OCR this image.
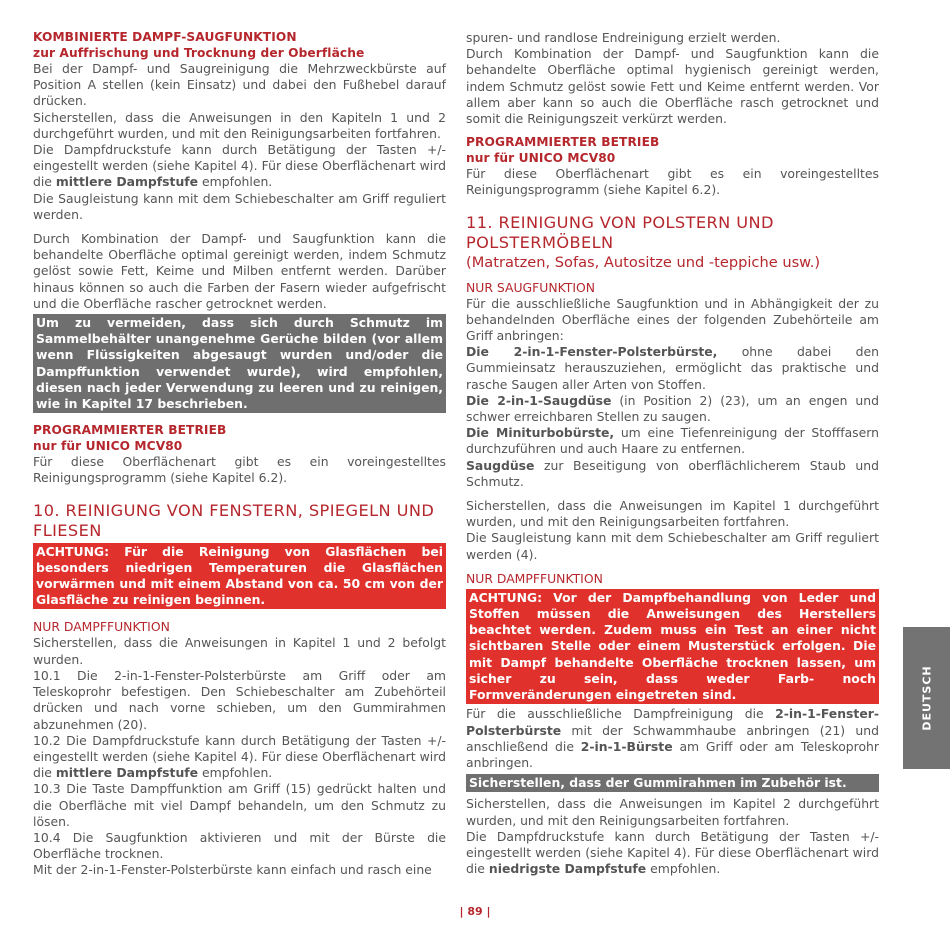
KOMBINIERTE DAMPF-SAUGFUNKTION
zur Auffrischung und Trocknung der Oberfläche

Bei der Dampf- und Saugreinigung die Mehrzweckbürste auf Position A stellen (kein Einsatz) und dabei den Fußhebel darauf drücken.

Sicherstellen, dass die Anweisungen in den Kapiteln 1 und 2 durchgeführt wurden, und mit den Reinigungsarbeiten fortfahren.

Die Dampfdruckstufe kann durch Betätigung der Tasten +/- eingestellt werden (siehe Kapitel 4). Für diese Oberflächenart wird die mittlere Dampfstufe empfohlen.

Die Saugleistung kann mit dem Schiebeschalter am Griff reguliert werden.

Durch Kombination der Dampf- und Saugfunktion kann die behandelte Oberfläche optimal gereinigt werden, indem Schmutz gelöst sowie Fett, Keime und Milben entfernt werden. Darüber hinaus können so auch die Farben der Fasern wieder aufgefrischt und die Oberfläche rascher getrocknet werden.

Um zu vermeiden, dass sich durch Schmutz im Sammelbehälter unangenehme Gerüche bilden (vor allem wenn Flüssigkeiten abgesaugt wurden und/oder die Dampffunktion verwendet wurde), wird empfohlen, diesen nach jeder Verwendung zu leeren und zu reinigen, wie in Kapitel 17 beschrieben.
PROGRAMMIERTER BETRIEB
nur für UNICO MCV80

Für diese Oberflächenart gibt es ein voreingestelltes Reinigungsprogramm (siehe Kapitel 6.2).

10. REINIGUNG VON FENSTERN, SPIEGELN UND FLIESEN
ACHTUNG: Für die Reinigung von Glasflächen bei besonders niedrigen Temperaturen die Glasflächen vorwärmen und mit einem Abstand von ca. 50 cm von der Glasfläche zu reinigen beginnen.
NUR DAMPFFUNKTION

Sicherstellen, dass die Anweisungen in Kapitel 1 und 2 befolgt wurden.

10.1 Die 2-in-1-Fenster-Polsterbürste am Griff oder am Teleskoprohr befestigen. Den Schiebeschalter am Zubehörteil drücken und nach vorne schieben, um den Gummirahmen abzunehmen (20).

10.2 Die Dampfdruckstufe kann durch Betätigung der Tasten +/- eingestellt werden (siehe Kapitel 4). Für diese Oberflächenart wird die mittlere Dampfstufe empfohlen.

10.3 Die Taste Dampffunktion am Griff (15) gedrückt halten und die Oberfläche mit viel Dampf behandeln, um den Schmutz zu lösen.

10.4 Die Saugfunktion aktivieren und mit der Bürste die Oberfläche trocknen.

Mit der 2-in-1-Fenster-Polsterbürste kann einfach und rasch eine

spuren- und randlose Endreinigung erzielt werden.

Durch Kombination der Dampf- und Saugfunktion kann die behandelte Oberfläche optimal hygienisch gereinigt werden, indem Schmutz gelöst sowie Fett und Keime entfernt werden. Vor allem aber kann so auch die Oberfläche rasch getrocknet und somit die Reinigungszeit verkürzt werden.

PROGRAMMIERTER BETRIEB
nur für UNICO MCV80

Für diese Oberflächenart gibt es ein voreingestelltes Reinigungsprogramm (siehe Kapitel 6.2).

11. REINIGUNG VON POLSTERN UND POLSTERMÖBELN
(Matratzen, Sofas, Autositze und -teppiche usw.)
NUR SAUGFUNKTION

Für die ausschließliche Saugfunktion und in Abhängigkeit der zu behandelnden Oberfläche eines der folgenden Zubehörteile am Griff anbringen:

Die 2-in-1-Fenster-Polsterbürste, ohne dabei den Gummieinsatz herauszuziehen, ermöglicht das praktische und rasche Saugen aller Arten von Stoffen.

Die 2-in-1-Saugdüse (in Position 2) (23), um an engen und schwer erreichbaren Stellen zu saugen.

Die Miniturbobürste, um eine Tiefenreinigung der Stofffasern durchzuführen und auch Haare zu entfernen.

Saugdüse zur Beseitigung von oberflächlicherem Staub und Schmutz.

Sicherstellen, dass die Anweisungen im Kapitel 1 durchgeführt wurden, und mit den Reinigungsarbeiten fortfahren.

Die Saugleistung kann mit dem Schiebeschalter am Griff reguliert werden (4).

NUR DAMPFFUNKTION
ACHTUNG: Vor der Dampfbehandlung von Leder und Stoffen müssen die Anweisungen des Herstellers beachtet werden. Zudem muss ein Test an einer nicht sichtbaren Stelle oder einem Musterstück erfolgen. Die mit Dampf behandelte Oberfläche trocknen lassen, um sicher zu sein, dass weder Farb- noch Formveränderungen eingetreten sind.

Für die ausschließliche Dampfreinigung die 2-in-1-Fenster-Polsterbürste mit der Schwammhaube anbringen (21) und anschließend die 2-in-1-Bürste am Griff oder am Teleskoprohr anbringen.

Sicherstellen, dass der Gummirahmen im Zubehör ist.

Sicherstellen, dass die Anweisungen im Kapitel 2 durchgeführt wurden, und mit den Reinigungsarbeiten fortfahren.

Die Dampfdruckstufe kann durch Betätigung der Tasten +/- eingestellt werden (siehe Kapitel 4). Für diese Oberflächenart wird die niedrigste Dampfstufe empfohlen.

DEUTSCH
| 89 |
